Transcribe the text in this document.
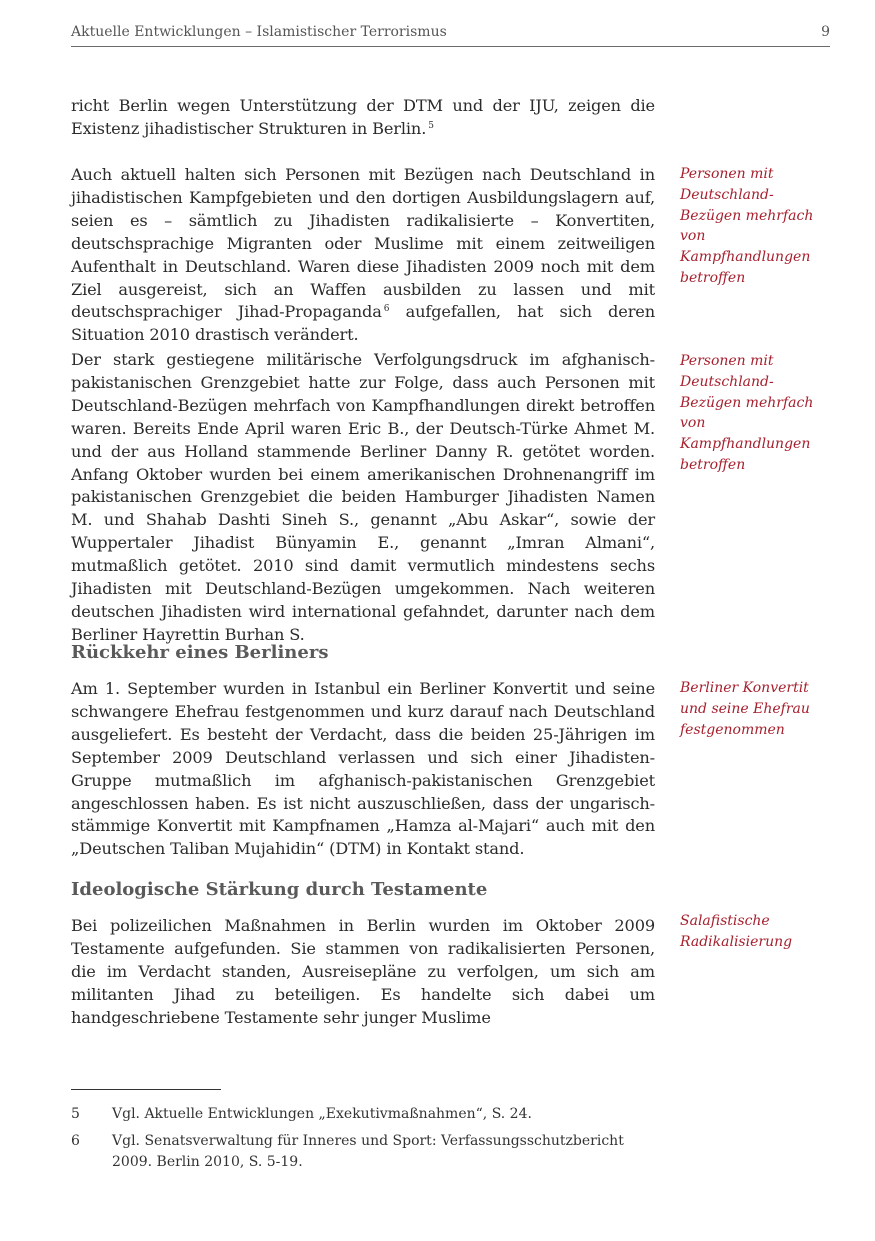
Aktuelle Entwicklungen – Islamistischer Terrorismus	9

richt Berlin wegen Unterstützung der DTM und der IJU, zeigen die Existenz jihadistischer Strukturen in Berlin. $^5$

Auch aktuell halten sich Personen mit Bezügen nach Deutschland in jihadistischen Kampfgebieten und den dortigen Ausbildungslagern auf, seien es – sämtlich zu Jihadisten radikalisierte – Konvertiten, deutschsprachige Migranten oder Muslime mit einem zeitweiligen Aufenthalt in Deutschland. Waren diese Jihadisten 2009 noch mit dem Ziel ausgereist, sich an Waffen ausbilden zu lassen und mit deutschsprachiger Jihad-Propaganda $^6$ aufgefallen, hat sich deren Situation 2010 drastisch verändert.

Der stark gestiegene militärische Verfolgungsdruck im afghanisch-pakistanischen Grenzgebiet hatte zur Folge, dass auch Personen mit Deutschland-Bezügen mehrfach von Kampfhandlungen direkt betroffen waren. Bereits Ende April waren Eric B., der Deutsch-Türke Ahmet M. und der aus Holland stammende Berliner Danny R. getötet worden. Anfang Oktober wurden bei einem amerikanischen Drohnenangriff im pakistanischen Grenzgebiet die beiden Hamburger Jihadisten Namen M. und Shahab Dashti Sineh S., genannt „Abu Askar“, sowie der Wuppertaler Jihadist Bünyamin E., genannt „Imran Almani“, mutmaßlich getötet. 2010 sind damit vermutlich mindestens sechs Jihadisten mit Deutschland-Bezügen umgekommen. Nach weiteren deutschen Jihadisten wird international gefahndet, darunter nach dem Berliner Hayrettin Burhan S.

Rückkehr eines Berliners

Am 1. September wurden in Istanbul ein Berliner Konvertit und seine schwangere Ehefrau festgenommen und kurz darauf nach Deutschland ausgeliefert. Es besteht der Verdacht, dass die beiden 25-Jährigen im September 2009 Deutschland verlassen und sich einer Jihadisten-Gruppe mutmaßlich im afghanisch-pakistanischen Grenzgebiet angeschlossen haben. Es ist nicht auszuschließen, dass der ungarisch-stämmige Konvertit mit Kampfnamen „Hamza al-Majari“ auch mit den „Deutschen Taliban Mujahidin“ (DTM) in Kontakt stand.

Ideologische Stärkung durch Testamente

Bei polizeilichen Maßnahmen in Berlin wurden im Oktober 2009 Testamente aufgefunden. Sie stammen von radikalisierten Personen, die im Verdacht standen, Ausreisepläne zu verfolgen, um sich am militanten Jihad zu beteiligen. Es handelte sich dabei um handgeschriebene Testamente sehr junger Muslime

Personen mit Deutschland-Bezügen mehrfach von Kampfhandlungen betroffen

Personen mit Deutschland-Bezügen mehrfach von Kampfhandlungen betroffen

Berliner Konvertit und seine Ehefrau festgenommen

Salafistische Radikalisierung

5 Vgl. Aktuelle Entwicklungen „Exekutivmaßnahmen“, S. 24.
6 Vgl. Senatsverwaltung für Inneres und Sport: Verfassungsschutzbericht 2009. Berlin 2010, S. 5-19.
